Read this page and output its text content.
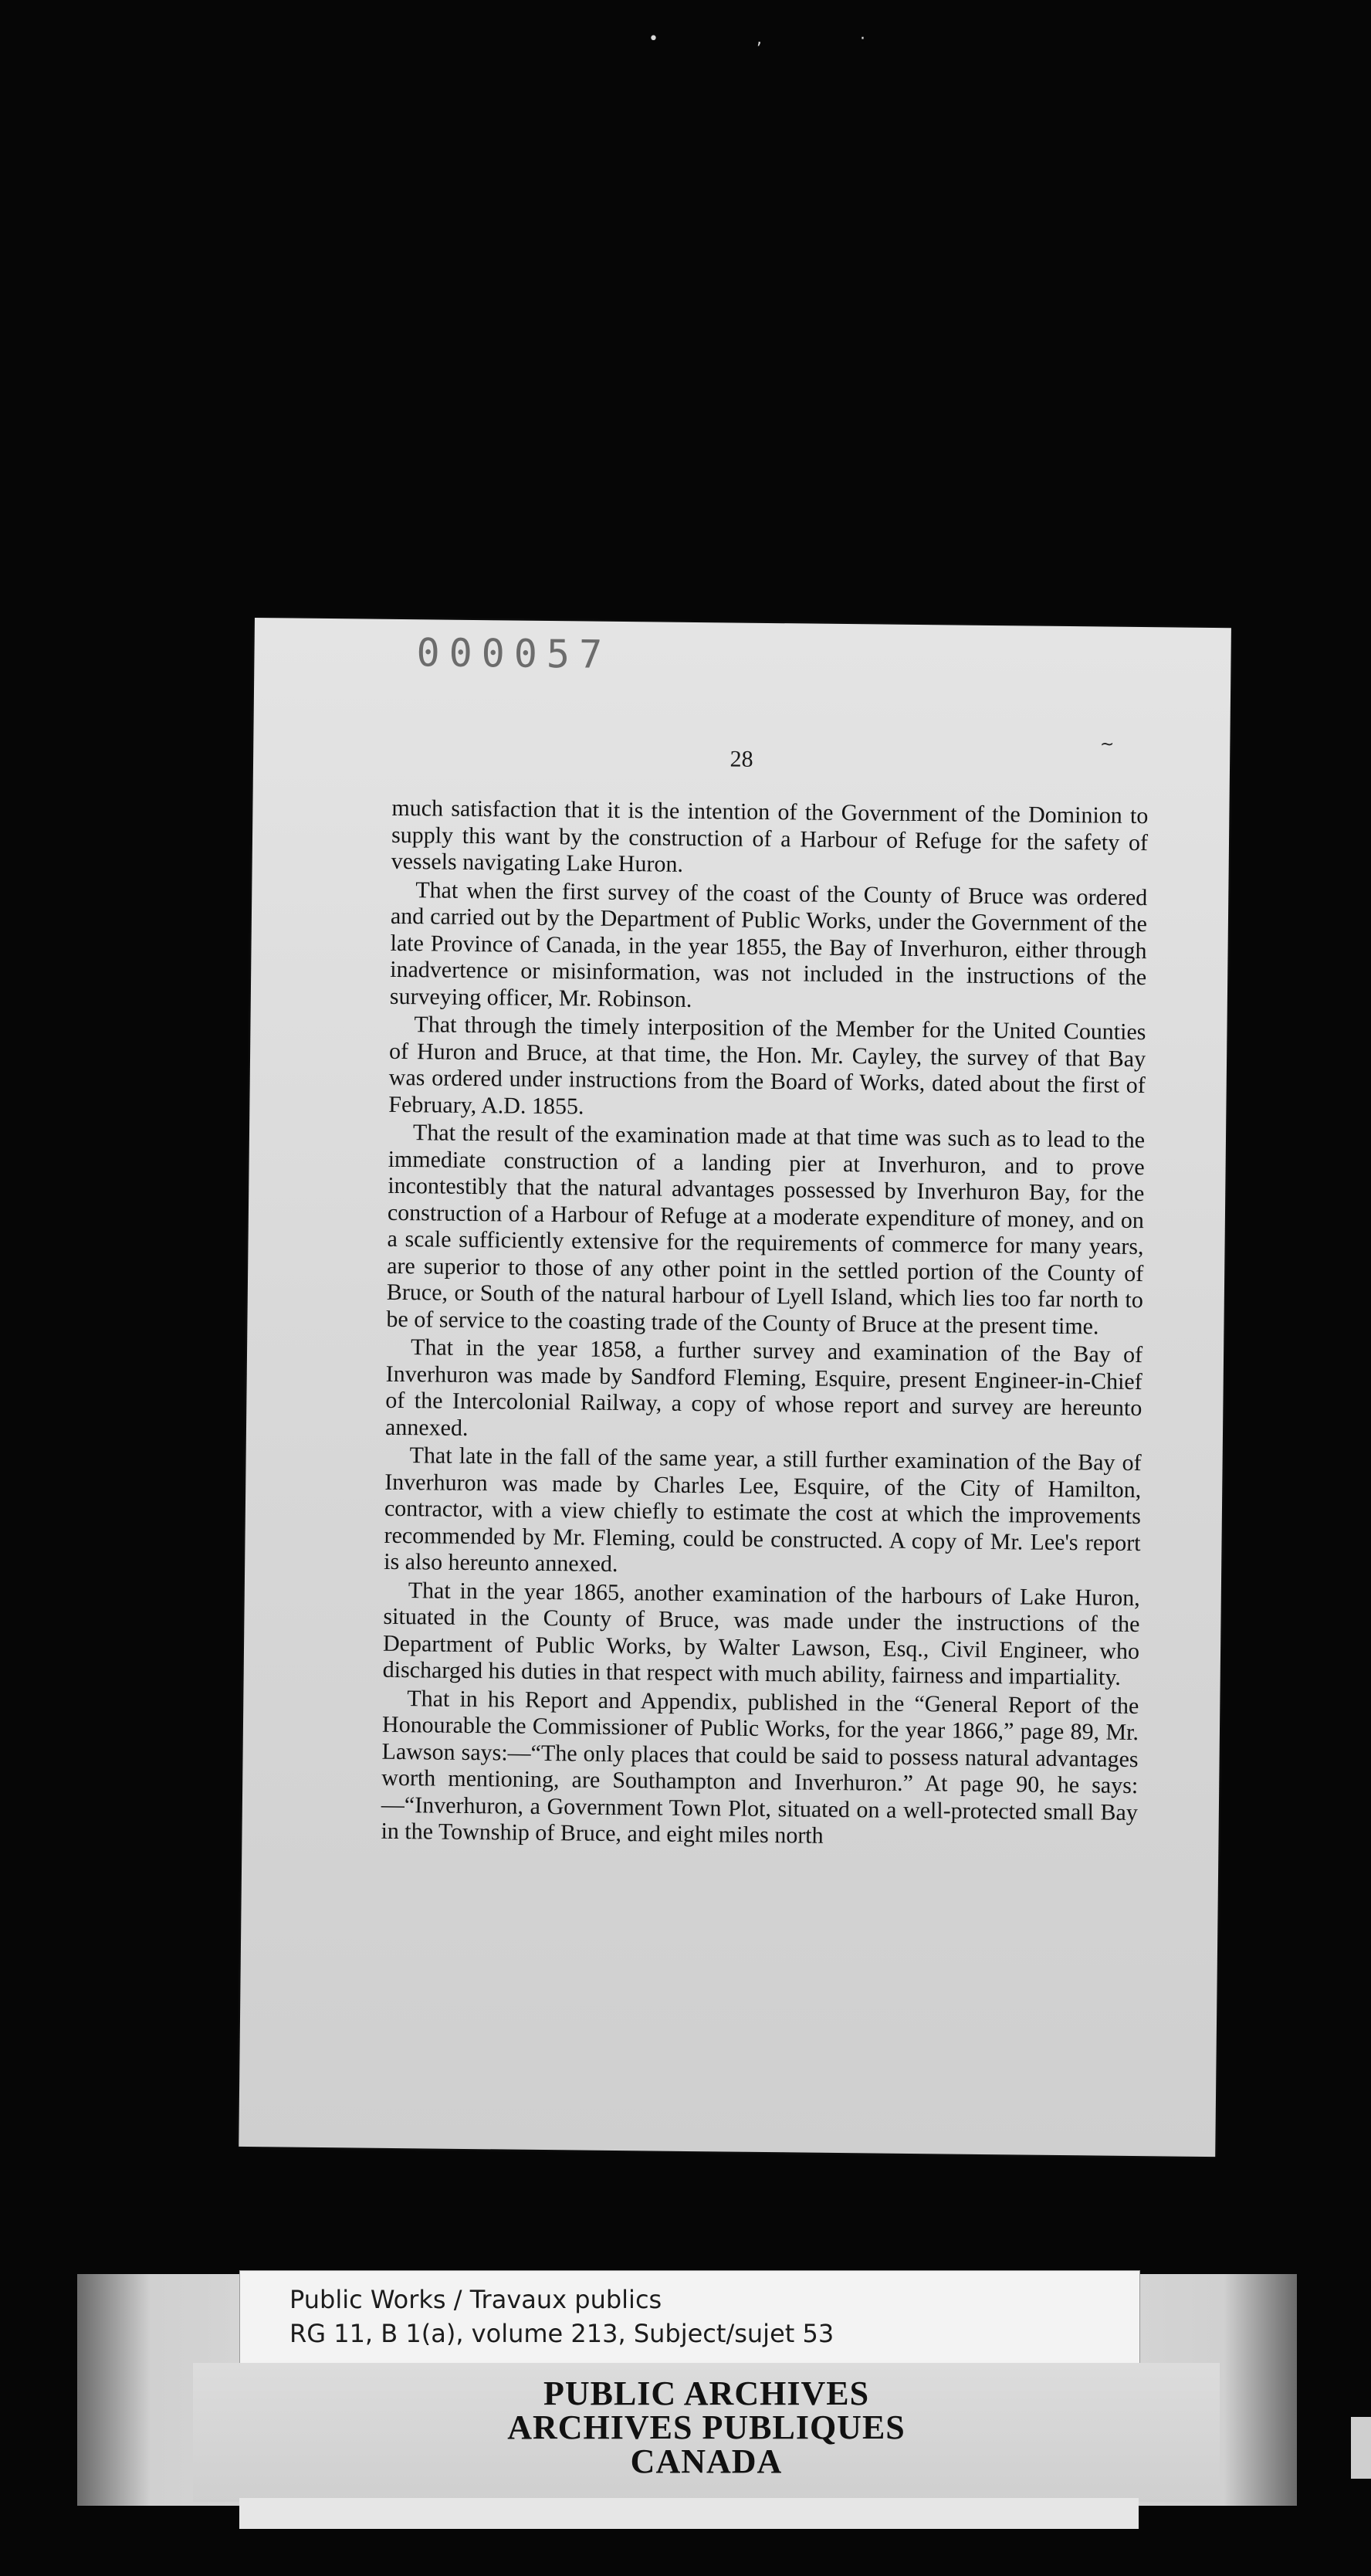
• , ·
000057
~
28

much satisfaction that it is the intention of the Government of the Dominion to supply this want by the construction of a Harbour of Refuge for the safety of vessels navigating Lake Huron.

That when the first survey of the coast of the County of Bruce was ordered and carried out by the Department of Public Works, under the Government of the late Province of Canada, in the year 1855, the Bay of Inverhuron, either through inadvertence or misinformation, was not included in the instructions of the surveying officer, Mr. Robinson.

That through the timely interposition of the Member for the United Counties of Huron and Bruce, at that time, the Hon. Mr. Cayley, the survey of that Bay was ordered under instructions from the Board of Works, dated about the first of February, A.D. 1855.

That the result of the examination made at that time was such as to lead to the immediate construction of a landing pier at Inverhuron, and to prove incontestibly that the natural advantages possessed by Inverhuron Bay, for the construction of a Harbour of Refuge at a moderate expenditure of money, and on a scale sufficiently extensive for the requirements of commerce for many years, are superior to those of any other point in the settled portion of the County of Bruce, or South of the natural harbour of Lyell Island, which lies too far north to be of service to the coasting trade of the County of Bruce at the present time.

That in the year 1858, a further survey and examination of the Bay of Inverhuron was made by Sandford Fleming, Esquire, present Engineer-in-Chief of the Intercolonial Railway, a copy of whose report and survey are hereunto annexed.

That late in the fall of the same year, a still further examination of the Bay of Inverhuron was made by Charles Lee, Esquire, of the City of Hamilton, contractor, with a view chiefly to estimate the cost at which the improvements recommended by Mr. Fleming, could be constructed. A copy of Mr. Lee's report is also hereunto annexed.

That in the year 1865, another examination of the harbours of Lake Huron, situated in the County of Bruce, was made under the instructions of the Department of Public Works, by Walter Lawson, Esq., Civil Engineer, who discharged his duties in that respect with much ability, fairness and impartiality.

That in his Report and Appendix, published in the “General Report of the Honourable the Commissioner of Public Works, for the year 1866,” page 89, Mr. Lawson says:—“The only places that could be said to possess natural advantages worth mentioning, are Southampton and Inverhuron.” At page 90, he says:—“Inverhuron, a Government Town Plot, situated on a well-protected small Bay in the Township of Bruce, and eight miles north

Public Works / Travaux publics
RG 11, B 1(a), volume 213, Subject/sujet 53
PUBLIC ARCHIVES
ARCHIVES PUBLIQUES
CANADA
